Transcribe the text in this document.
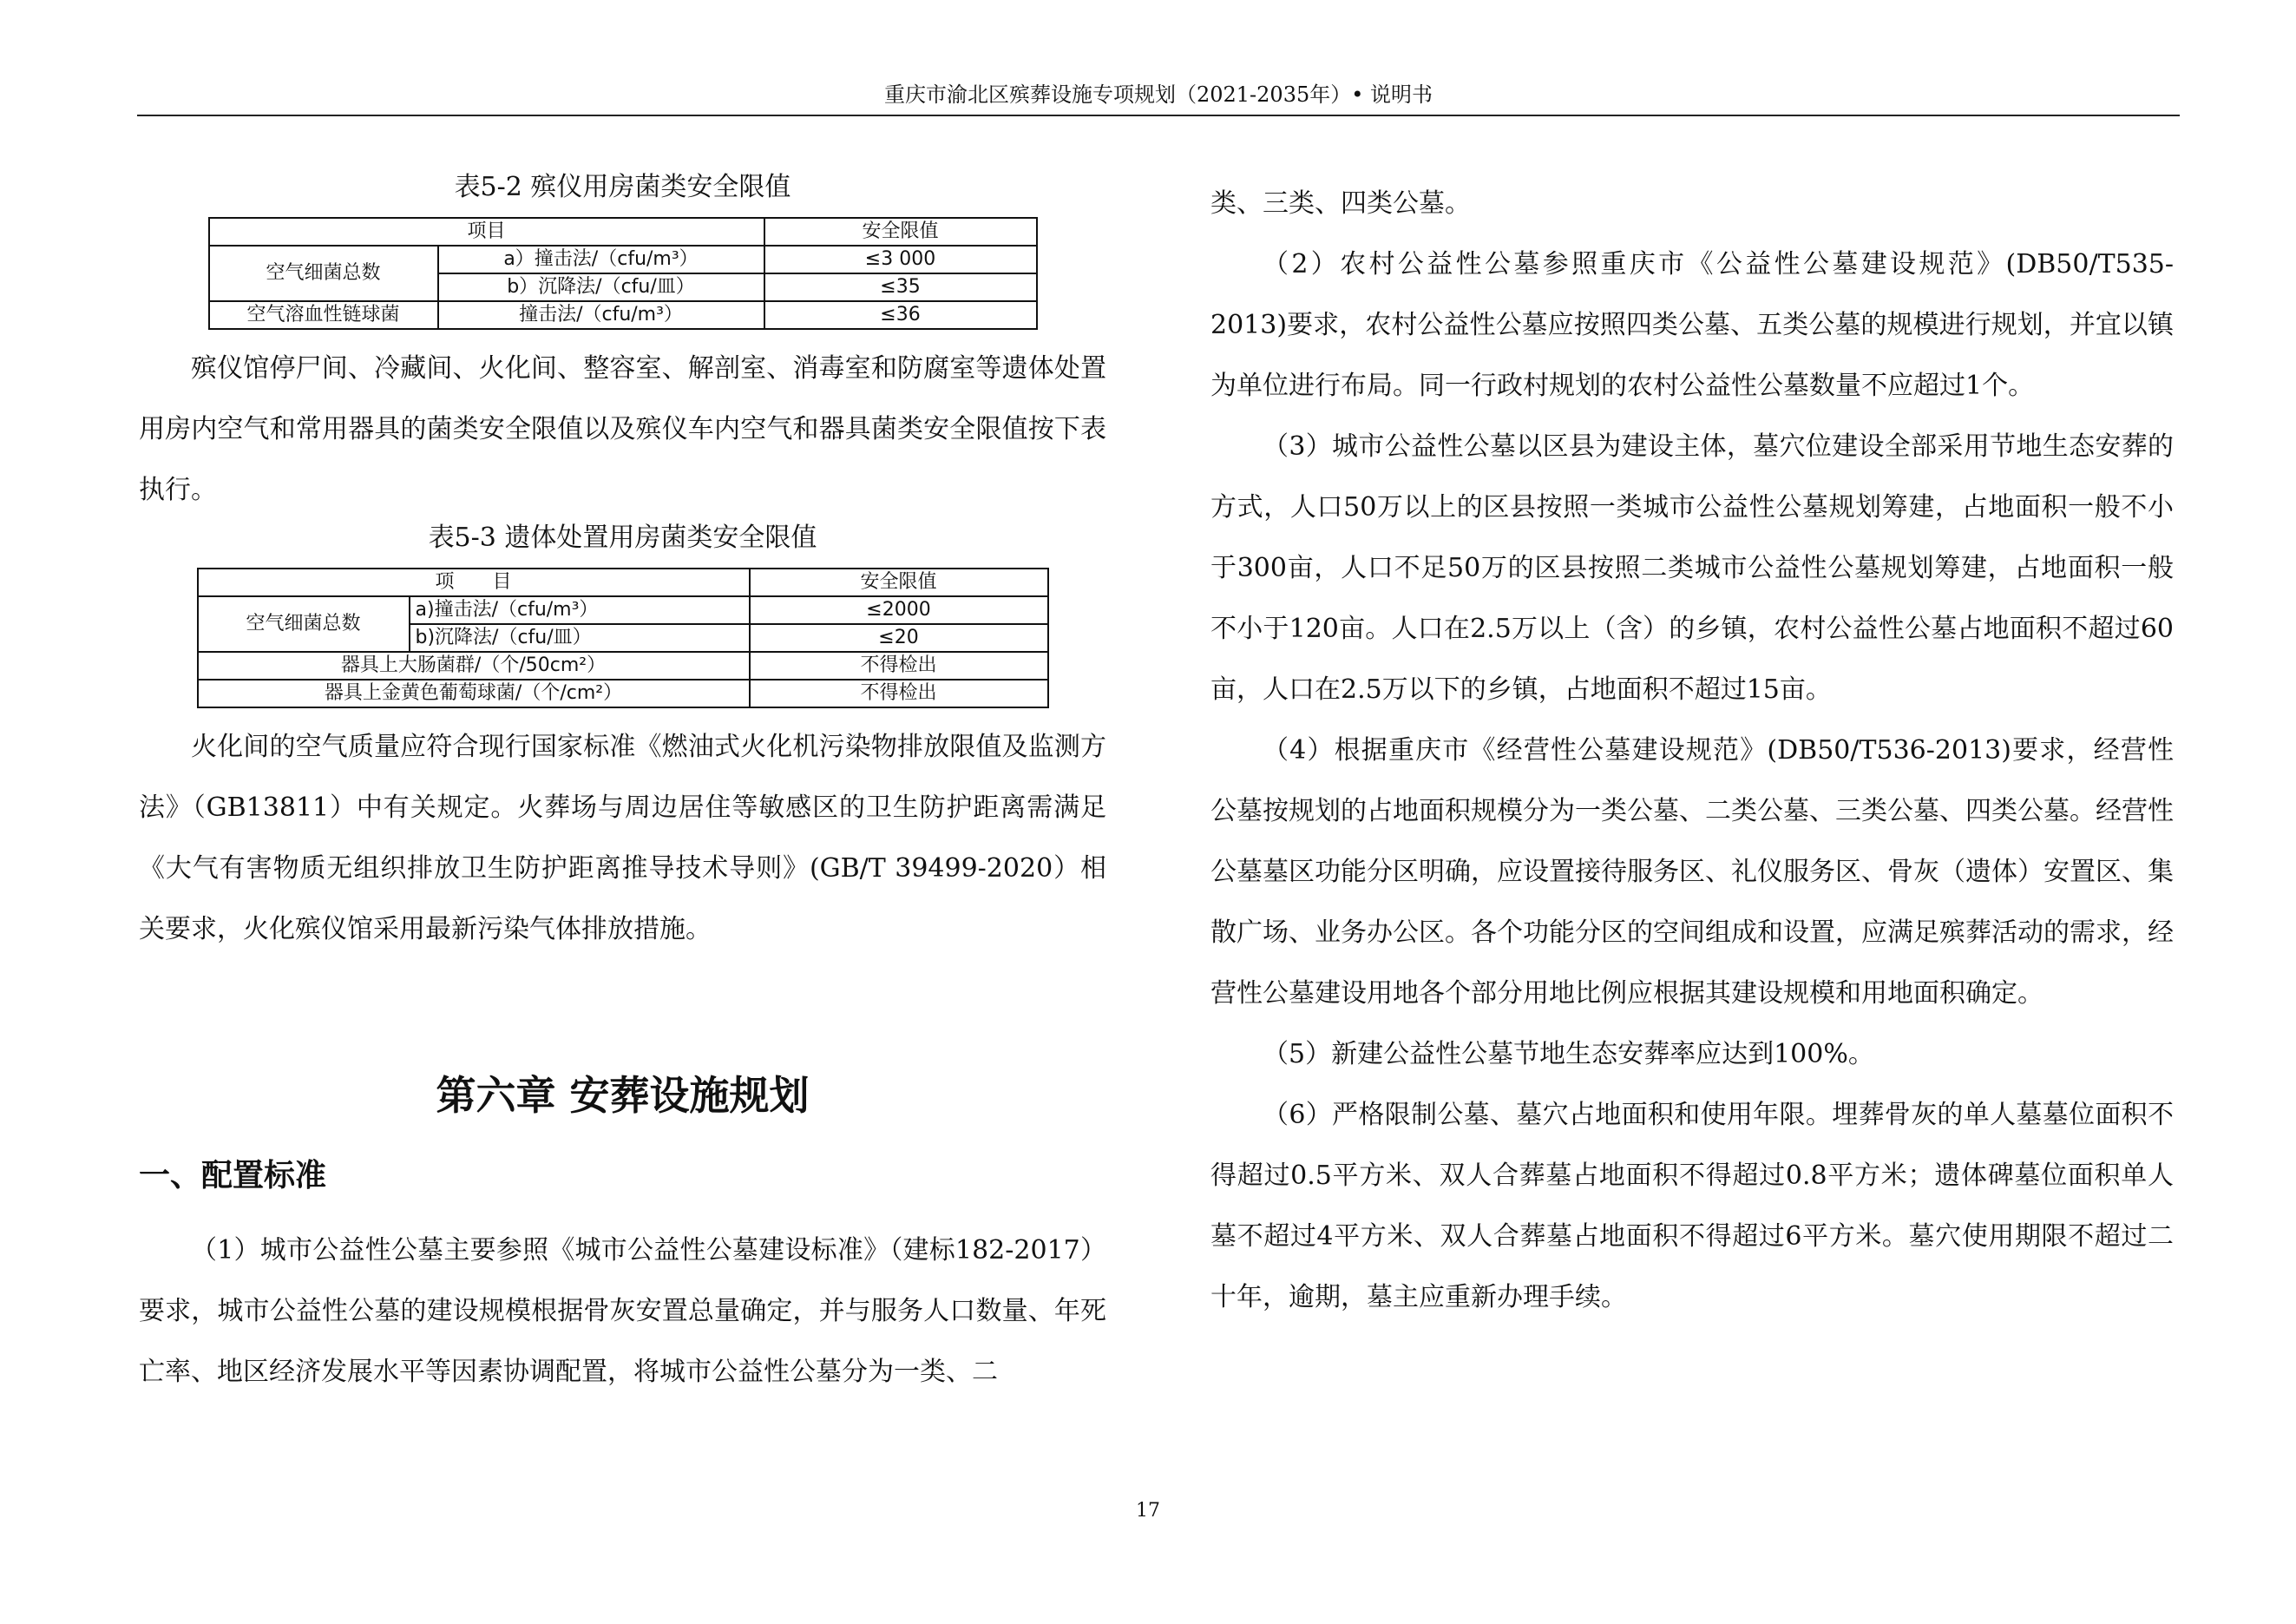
重庆市渝北区殡葬设施专项规划（2021-2035年）• 说明书
表5-2 殡仪用房菌类安全限值
项目		安全限值
空气细菌总数	a）撞击法/（cfu/m³）	≤3 000
	b）沉降法/（cfu/皿）	≤35
空气溶血性链球菌	撞击法/（cfu/m³）	≤36

殡仪馆停尸间、冷藏间、火化间、整容室、解剖室、消毒室和防腐室等遗体处置用房内空气和常用器具的菌类安全限值以及殡仪车内空气和器具菌类安全限值按下表执行。

表5-3 遗体处置用房菌类安全限值
项　　目		安全限值
空气细菌总数	a)撞击法/（cfu/m³）	≤2000
	b)沉降法/（cfu/皿）	≤20
器具上大肠菌群/（个/50cm²）		不得检出
器具上金黄色葡萄球菌/（个/cm²）		不得检出

火化间的空气质量应符合现行国家标准《燃油式火化机污染物排放限值及监测方法》（GB13811）中有关规定。火葬场与周边居住等敏感区的卫生防护距离需满足《大气有害物质无组织排放卫生防护距离推导技术导则》(GB/T 39499-2020）相关要求，火化殡仪馆采用最新污染气体排放措施。

第六章 安葬设施规划
一、配置标准

（1）城市公益性公墓主要参照《城市公益性公墓建设标准》（建标182-2017）要求，城市公益性公墓的建设规模根据骨灰安置总量确定，并与服务人口数量、年死亡率、地区经济发展水平等因素协调配置，将城市公益性公墓分为一类、二

类、三类、四类公墓。

（2）农村公益性公墓参照重庆市《公益性公墓建设规范》(DB50/T535-2013)要求，农村公益性公墓应按照四类公墓、五类公墓的规模进行规划，并宜以镇为单位进行布局。同一行政村规划的农村公益性公墓数量不应超过1个。

（3）城市公益性公墓以区县为建设主体，墓穴位建设全部采用节地生态安葬的方式，人口50万以上的区县按照一类城市公益性公墓规划筹建，占地面积一般不小于300亩，人口不足50万的区县按照二类城市公益性公墓规划筹建，占地面积一般不小于120亩。人口在2.5万以上（含）的乡镇，农村公益性公墓占地面积不超过60亩，人口在2.5万以下的乡镇，占地面积不超过15亩。

（4）根据重庆市《经营性公墓建设规范》(DB50/T536-2013)要求，经营性公墓按规划的占地面积规模分为一类公墓、二类公墓、三类公墓、四类公墓。经营性公墓墓区功能分区明确，应设置接待服务区、礼仪服务区、骨灰（遗体）安置区、集散广场、业务办公区。各个功能分区的空间组成和设置，应满足殡葬活动的需求，经营性公墓建设用地各个部分用地比例应根据其建设规模和用地面积确定。

（5）新建公益性公墓节地生态安葬率应达到100%。

（6）严格限制公墓、墓穴占地面积和使用年限。埋葬骨灰的单人墓墓位面积不得超过0.5平方米、双人合葬墓占地面积不得超过0.8平方米；遗体碑墓位面积单人墓不超过4平方米、双人合葬墓占地面积不得超过6平方米。墓穴使用期限不超过二十年，逾期，墓主应重新办理手续。

17
